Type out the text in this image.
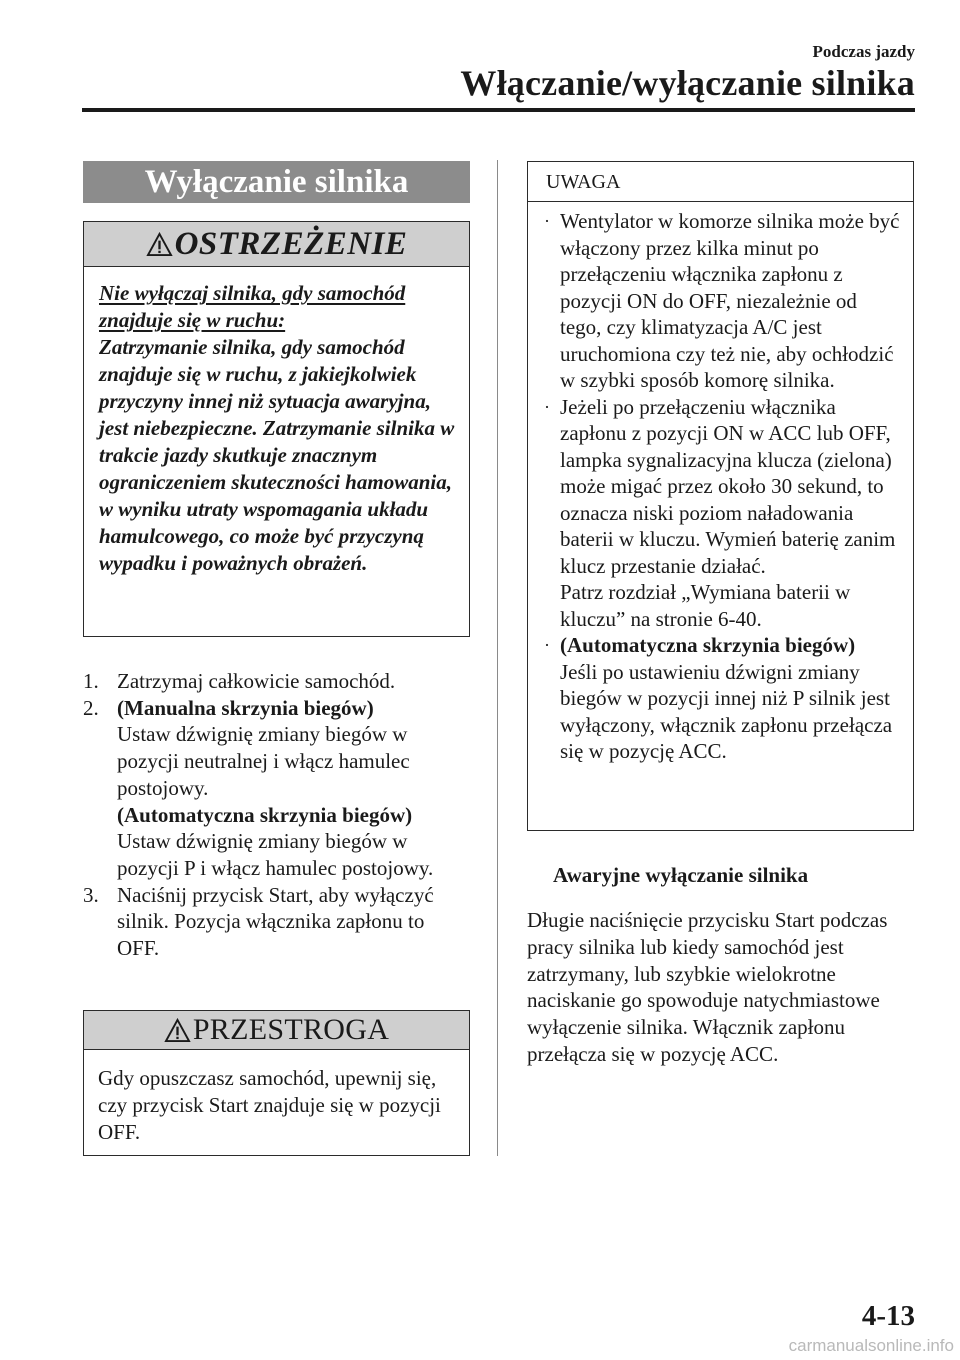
Podczas jazdy
Włączanie/wyłączanie silnika
Wyłączanie silnika
OSTRZEŻENIE
Nie wyłączaj silnika, gdy samochód znajduje się w ruchu:
Zatrzymanie silnika, gdy samochód znajduje się w ruchu, z jakiejkolwiek przyczyny innej niż sytuacja awaryjna, jest niebezpieczne. Zatrzymanie silnika w trakcie jazdy skutkuje znacznym ograniczeniem skuteczności hamowania, w wyniku utraty wspomagania układu hamulcowego, co może być przyczyną wypadku i poważnych obrażeń.
1. Zatrzymaj całkowicie samochód.
2. (Manualna skrzynia biegów)
Ustaw dźwignię zmiany biegów w pozycji neutralnej i włącz hamulec postojowy.
(Automatyczna skrzynia biegów)
Ustaw dźwignię zmiany biegów w pozycji P i włącz hamulec postojowy.
3. Naciśnij przycisk Start, aby wyłączyć silnik. Pozycja włącznika zapłonu to OFF.
PRZESTROGA
Gdy opuszczasz samochód, upewnij się, czy przycisk Start znajduje się w pozycji OFF.
UWAGA
· Wentylator w komorze silnika może być włączony przez kilka minut po przełączeniu włącznika zapłonu z pozycji ON do OFF, niezależnie od tego, czy klimatyzacja A/C jest uruchomiona czy też nie, aby ochłodzić w szybki sposób komorę silnika.
· Jeżeli po przełączeniu włącznika zapłonu z pozycji ON w ACC lub OFF, lampka sygnalizacyjna klucza (zielona) może migać przez około 30 sekund, to oznacza niski poziom naładowania baterii w kluczu. Wymień baterię zanim klucz przestanie działać.
Patrz rozdział „Wymiana baterii w kluczu” na stronie 6-40.
· (Automatyczna skrzynia biegów)
Jeśli po ustawieniu dźwigni zmiany biegów w pozycji innej niż P silnik jest wyłączony, włącznik zapłonu przełącza się w pozycję ACC.
Awaryjne wyłączanie silnika
Długie naciśnięcie przycisku Start podczas pracy silnika lub kiedy samochód jest zatrzymany, lub szybkie wielokrotne naciskanie go spowoduje natychmiastowe wyłączenie silnika. Włącznik zapłonu przełącza się w pozycję ACC.
4-13
carmanualsonline.info
